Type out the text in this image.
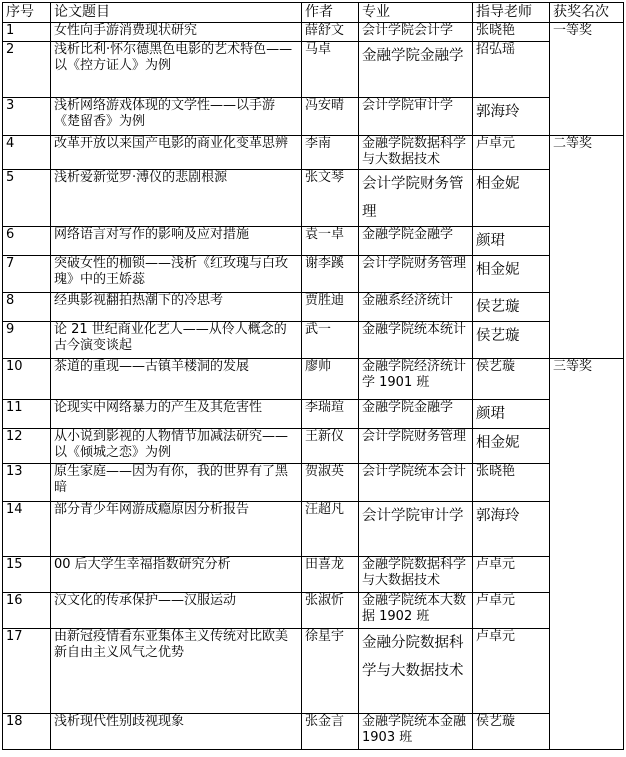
序号	论文题目	作者	专业	指导老师	获奖名次
1	女性向手游消费现状研究	薛舒文	会计学院会计学	张晓艳	一等奖
2	浅析比利·怀尔德黑色电影的艺术特色——以《控方证人》为例	马卓	金融学院金融学	招弘瑶	
3	浅析网络游戏体现的文学性——以手游《楚留香》为例	冯安晴	会计学院审计学	郭海玲	
4	改革开放以来国产电影的商业化变革思辨	李南	金融学院数据科学与大数据技术	卢卓元	二等奖
5	浅析爱新觉罗·溥仪的悲剧根源	张文琴	会计学院财务管理	相金妮	
6	网络语言对写作的影响及应对措施	袁一卓	金融学院金融学	颜珺	
7	突破女性的枷锁——浅析《红玫瑰与白玫瑰》中的王娇蕊	谢李蹊	会计学院财务管理	相金妮	
8	经典影视翻拍热潮下的冷思考	贾胜迪	金融系经济统计	侯艺璇	
9	论 21 世纪商业化艺人——从伶人概念的古今演变谈起	武一	金融学院统本统计	侯艺璇	
10	茶道的重现——古镇羊楼洞的发展	廖帅	金融学院经济统计学 1901 班	侯艺璇	三等奖
11	论现实中网络暴力的产生及其危害性	李瑞瑄	金融学院金融学	颜珺	
12	从小说到影视的人物情节加减法研究——以《倾城之恋》为例	王新仪	会计学院财务管理	相金妮	
13	原生家庭——因为有你，我的世界有了黑暗	贺淑英	会计学院统本会计	张晓艳	
14	部分青少年网游成瘾原因分析报告	汪超凡	会计学院审计学	郭海玲	
15	00 后大学生幸福指数研究分析	田喜龙	金融学院数据科学与大数据技术	卢卓元	
16	汉文化的传承保护——汉服运动	张淑忻	金融学院统本大数据 1902 班	卢卓元	
17	由新冠疫情看东亚集体主义传统对比欧美新自由主义风气之优势	徐星宇	金融分院数据科学与大数据技术	卢卓元	
18	浅析现代性别歧视现象	张金言	金融学院统本金融 1903 班	侯艺璇	
